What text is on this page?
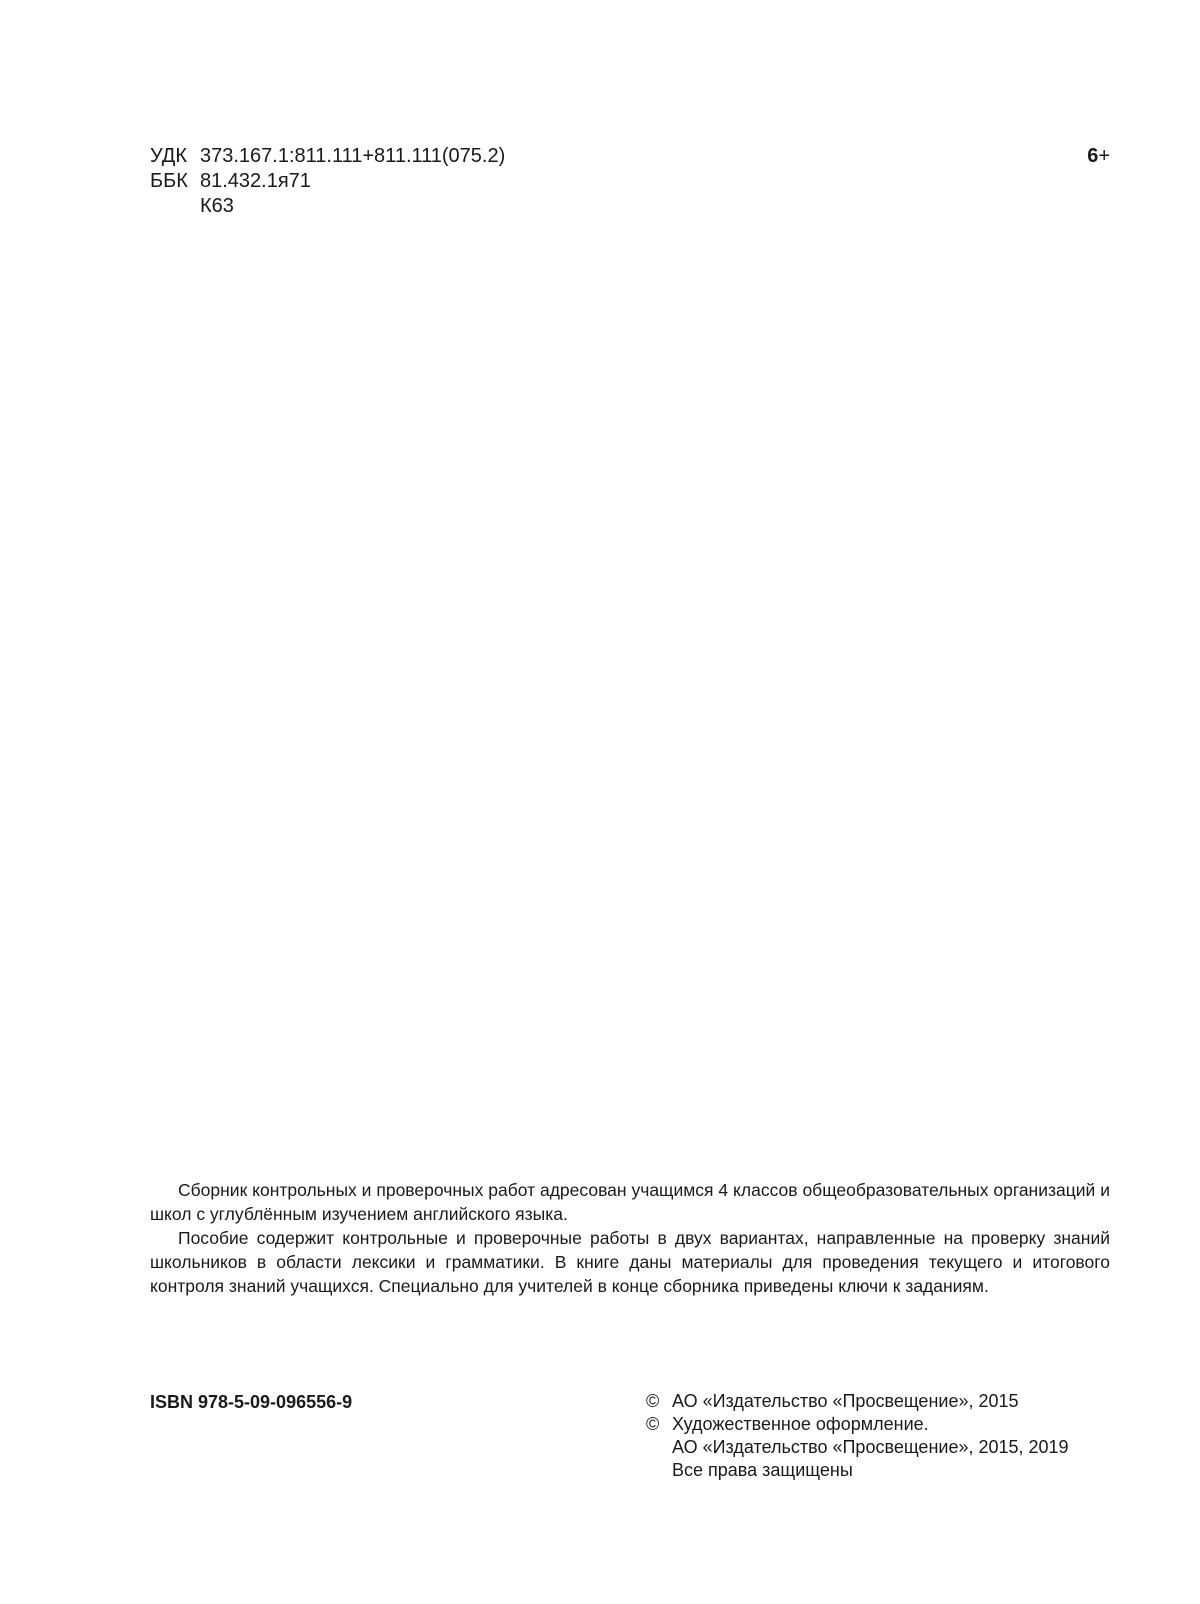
УДК 373.167.1:811.111+811.111(075.2)
ББК 81.432.1я71
К63
6+

Сборник контрольных и проверочных работ адресован учащимся 4 классов общеобразовательных организаций и школ с углублённым изучением английского языка.

Пособие содержит контрольные и проверочные работы в двух вариантах, направленные на проверку знаний школьников в области лексики и грамматики. В книге даны материалы для проведения текущего и итогового контроля знаний учащихся. Специально для учителей в конце сборника приведены ключи к заданиям.

ISBN 978-5-09-096556-9	© АО «Издательство «Просвещение», 2015
© Художественное оформление.
АО «Издательство «Просвещение», 2015, 2019
Все права защищены
